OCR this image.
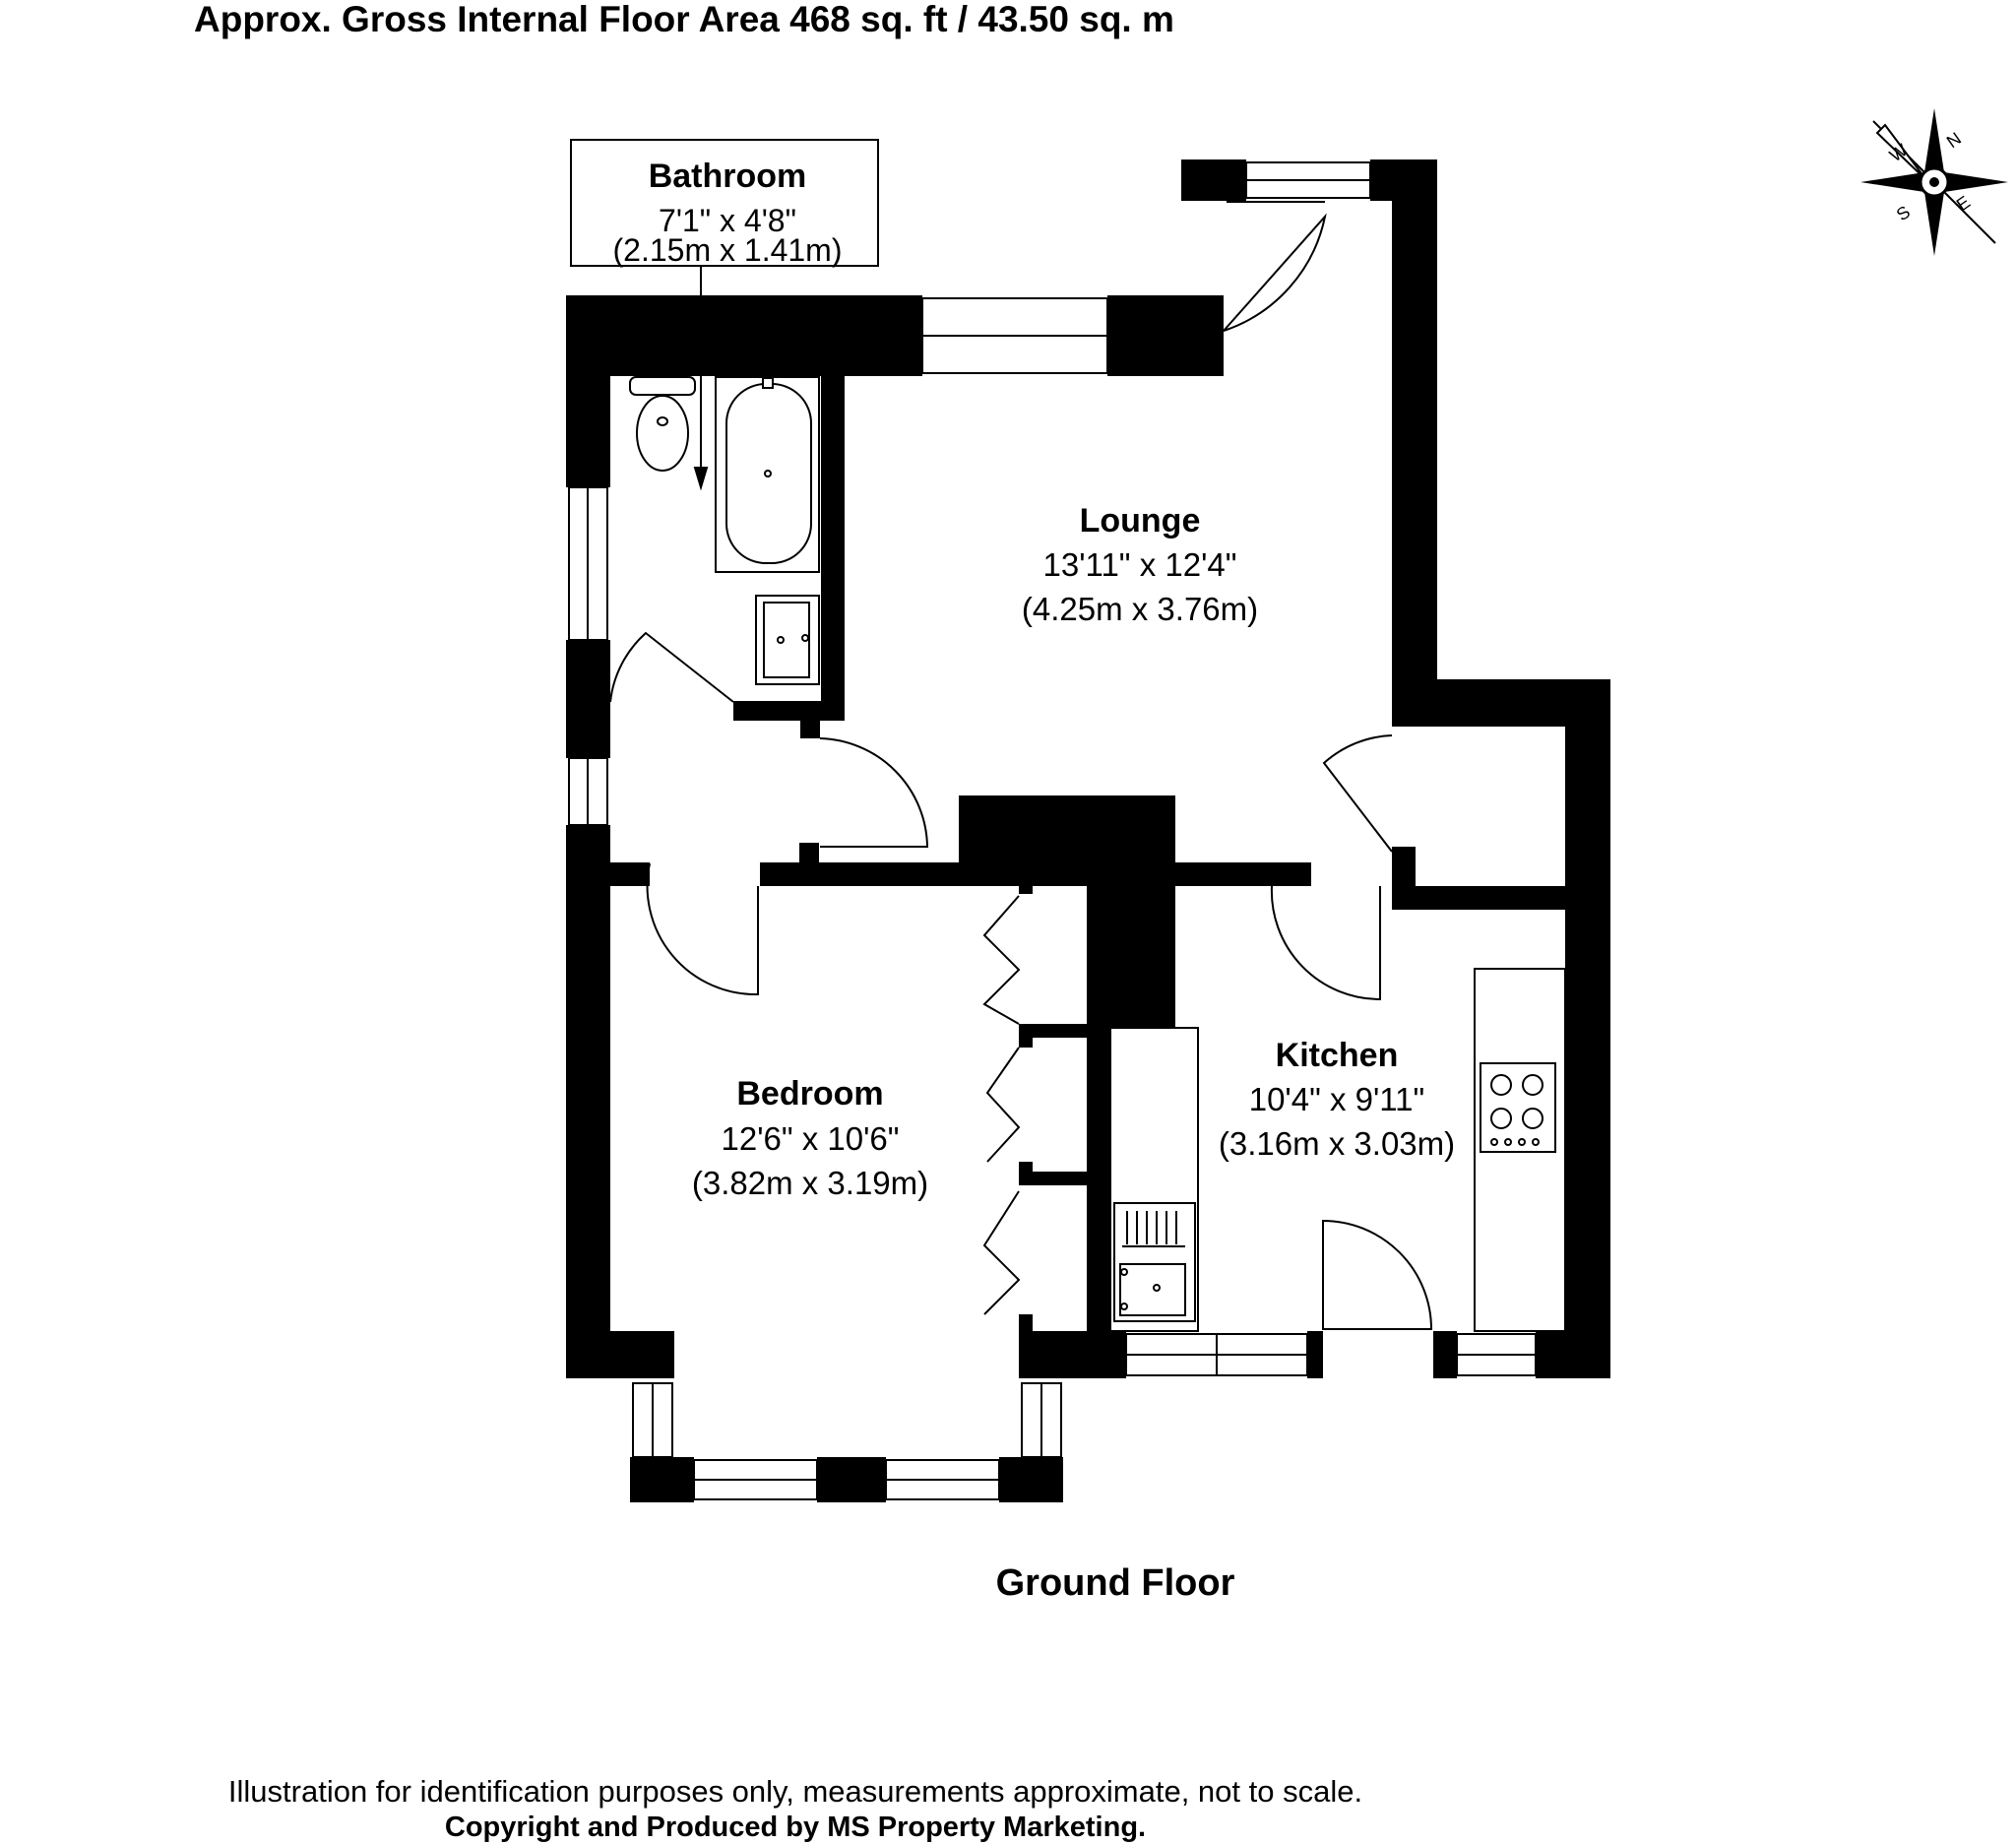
Approx. Gross Internal Floor Area 468 sq. ft / 43.50 sq. m
N
E
S
W
Bathroom
7'1" x 4'8"
(2.15m x 1.41m)
Lounge
13'11" x 12'4"
(4.25m x 3.76m)
Bedroom
12'6" x 10'6"
(3.82m x 3.19m)
Kitchen
10'4" x 9'11"
(3.16m x 3.03m)
Ground Floor
Illustration for identification purposes only, measurements approximate, not to scale.
Copyright and Produced by MS Property Marketing.
